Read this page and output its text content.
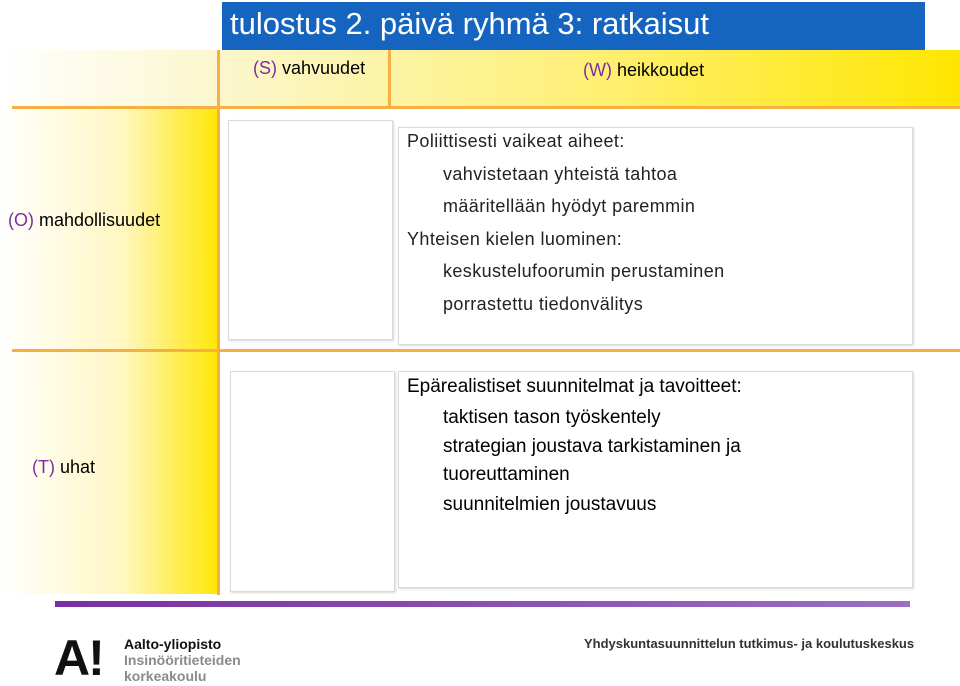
tulostus 2. päivä ryhmä 3: ratkaisut
(S) vahvuudet	(W) heikkoudet
(O) mahdollisuudet
(T) uhat
Poliittisesti vaikeat aiheet:
vahvistetaan yhteistä tahtoa
määritellään hyödyt paremmin
Yhteisen kielen luominen:
keskustelufoorumin perustaminen
porrastettu tiedonvälitys
Epärealistiset suunnitelmat ja tavoitteet:
taktisen tason työskentely
strategian joustava tarkistaminen ja tuoreuttaminen
suunnitelmien joustavuus
A! Aalto-yliopisto
Insinööritieteiden
korkeakoulu
Yhdyskuntasuunnittelun tutkimus- ja koulutuskeskus
